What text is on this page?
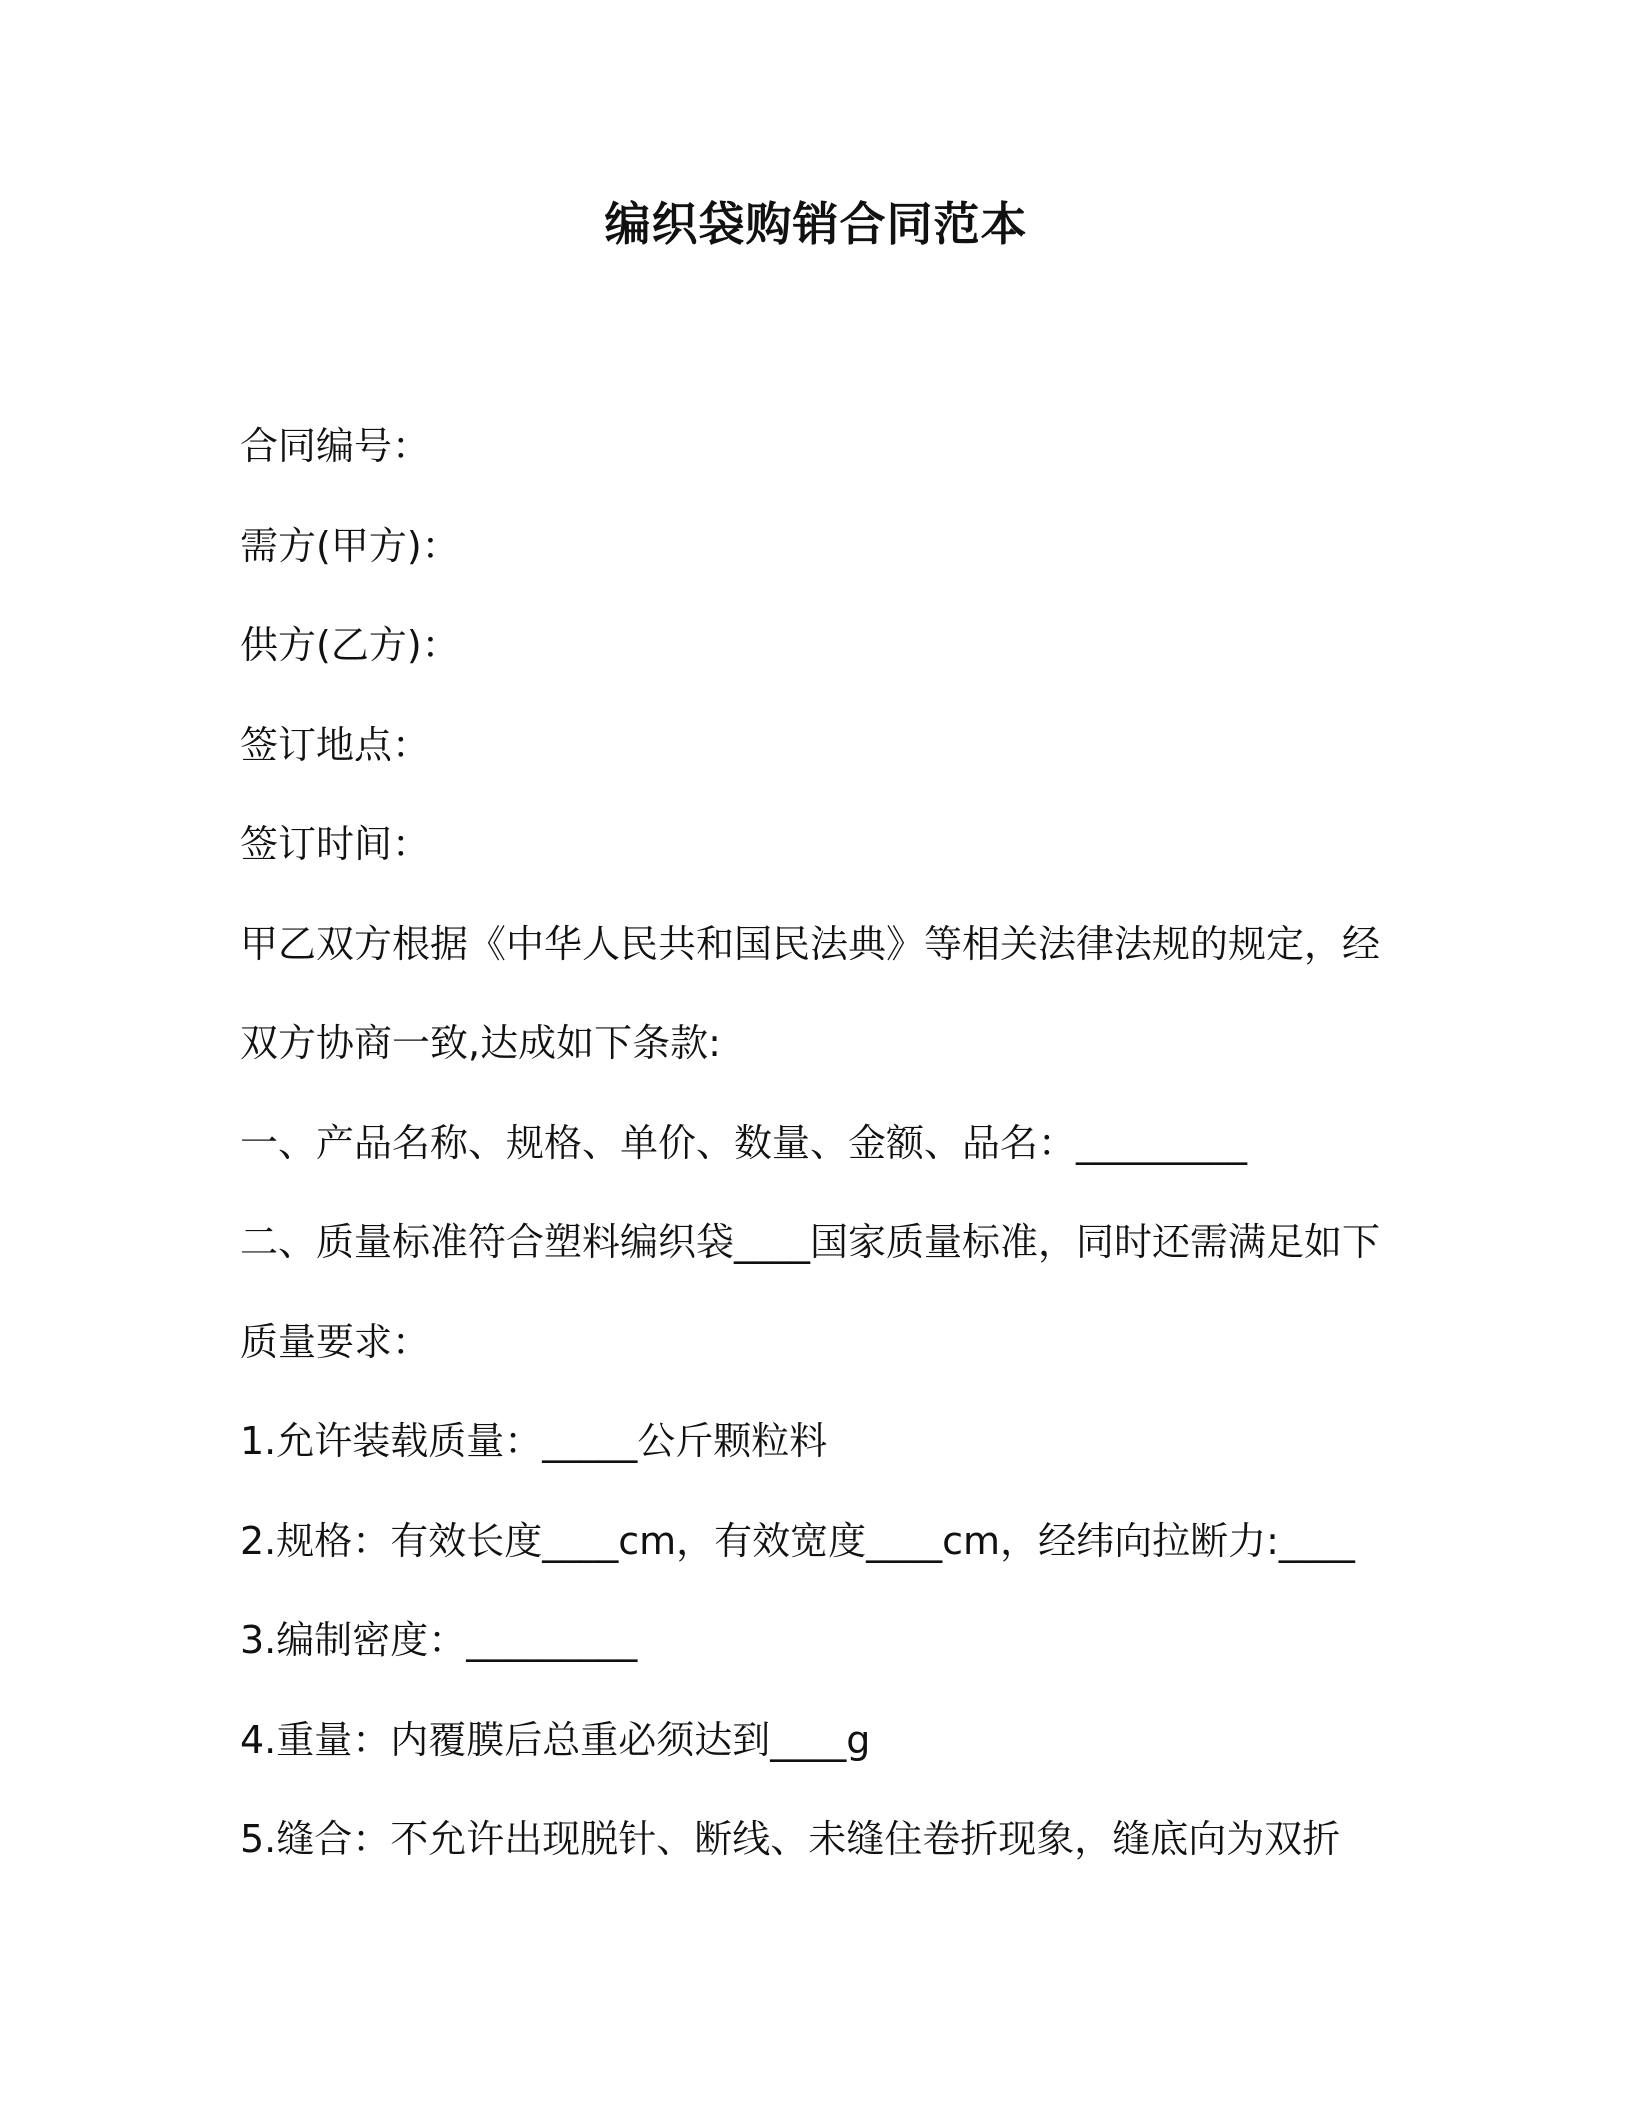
编织袋购销合同范本
合同编号：
需方(甲方)：
供方(乙方)：
签订地点：
签订时间：
甲乙双方根据《中华人民共和国民法典》等相关法律法规的规定，经
双方协商一致,达成如下条款:
一、产品名称、规格、单价、数量、金额、品名：_________
二、质量标准符合塑料编织袋____国家质量标准，同时还需满足如下
质量要求：
1.允许装载质量：_____公斤颗粒料
2.规格：有效长度____cm，有效宽度____cm，经纬向拉断力:____
3.编制密度：_________
4.重量：内覆膜后总重必须达到____g
5.缝合：不允许出现脱针、断线、未缝住卷折现象，缝底向为双折
